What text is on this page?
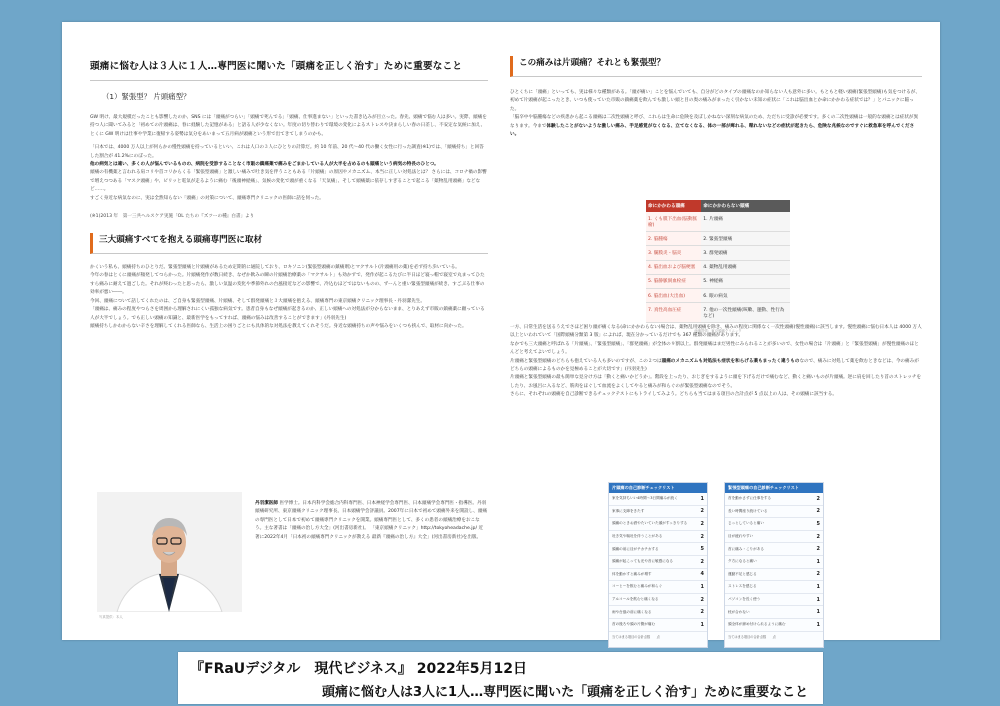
頭痛に悩む人は３人に１人…専門医に聞いた「頭痛を正しく治す」ために重要なこと
（1）緊張型？ 片頭痛型？

GW 明け、最大規模だったことも影響したのか、SNS には「頭痛がつらい」「頭痛で死んでる」「頭痛、仕事進まない」といった書き込みが目立った。春先、頭痛で悩む人は多い。実際、頭痛を持つ人に聞いてみると「初めての片頭痛は、春に経験した記憶がある」と語る人が少なくない。年度の切り替わりで環境の変化によるストレスや決まらしい春の日差し、不安定な気候に加え、とくに GW 明けは仕事や学業に復帰する姿勢は気分をあいまって五月病が頭痛という形で出てきてしまうのかも。

「日本では、4000 万人以上が何らかの慢性頭痛を持っているといい、これは人口の３人にひとりの計算だ。約 10 年前、20 代〜40 代の働く女性に行った調査(※1)では、「頭痛持ち」と回答した割合が 41.2%にのぼった。

他の病気とは違い、多くの人が悩んでいるものの、病院を受診することなく市販の鎮痛薬で痛みをごまかしている人が大半を占めるのも頭痛という病気の特長のひとつ。

頭痛の有機薬と言われる肩コリや首コリからくる「緊張型頭痛」と激しい痛みで吐き気を伴うこともある「片頭痛」の原因やメカニズム、本当に正しい対処法とは？ さらには、コロナ禍の影響で増えつつある「マスク頭痛」や、ピリッと電気が走るように痛む「後頭神経痛」、気候の変化で頭が重くなる「天気痛」、そして頭痛薬に依存しすぎることで起こる「薬物乱用頭痛」などなど……。

すごく身近な病気なのに、実は全然知らない「頭痛」の対策について、頭痛専門クリニックの医師に話を伺った。

(※1)2013 年　第一三共ヘルスケア実施「OL たちの『ズツーの種』白書」より
三大頭痛すべてを抱える頭痛専門医に取材

かくいう私も、頭痛持ちのひとりだ。緊張型頭痛と片頭痛があるため定期的に通院しており、ロキソニン(緊張型頭痛の鎮痛剤)とマクサルト(片頭痛用の薬)を必ず持ち歩いている。

今年の春はとくに頭痛が頻発してつらかった。片頭痛発作が数日続き、なぜか飲みの瞬の片頭痛治療薬の「マクサルト」も効かずで、発作が起こるたびに半日ほど寝っ帽で寝室で丸まってひたすら痛みに耐えて過ごした。それが終わったと思ったら、激しい気温の変化や季節外れの台風接近などの影響で、冷込むほどではないものの、ずーんと重い緊張型頭痛が続き、すごぶる仕事の効率が悪い――。

今回、頭痛について話してくれたのは、ご自身も緊張型頭痛、片頭痛、そして群発頭痛と３大頭痛を抱える、頭痛専門の東京頭痛クリニック理事長・丹羽潔先生。

「頭痛は、痛みの程度やつらさを周囲から理解されにくい孤独な病気です。患者自身もなぜ頭痛が起きるのか、正しい頭痛への対処法が分からないまま、とりあえず市販の鎮痛薬に頼っている人が大半でしょう。でも正しい頭痛の知識と、最新医学をもってすれば、頭痛の悩みは改善することができます」(丹羽先生)

頭痛持ちしかわからない辛さを理解してくれる医師なら、生活上の困りごとにも具体的な対処法を教えてくれそうだ。身近な頭痛持ちの声や悩みをいくつも挟んで、取材に向かった。

丹羽潔医師 医学博士。日本内科学会総合内科専門医、日本神経学会専門医、日本頭痛学会専門医・指導医。丹羽頭痛研究所、東京頭痛クリニック理事長、日本頭痛学会評議員。2007年に日本で初めて頭痛外来を開設し、頭痛の専門医として日本で初めて頭痛専門クリニックを開業。頭痛専門医として、多くの患者の頭痛治療をおこなう。主な著書は「頭痛の治し方大全」(河出書房新社)。 「東京頭痛クリニック」http://tokyoheadache.jp/ 近著に2022年4月「日本初の頭痛専門クリニックが教える 最新『頭痛の治し方』大全」(河出書房新社)を出版。
写真提供：本人
この痛みは片頭痛？それとも緊張型？

ひとくちに「頭痛」といっても、実は様々な種類がある。「頭が痛い」ことを悩んでいても、自分がどのタイプの頭痛なのか知らない人も意外に多い。もともと軽い頭痛(緊張型頭痛)も気をつけるが、初めて片頭痛が起こったとき、いつも使っていた市販の鎮痛薬を飲んでも激しい頭と目の奥の痛みがまったく引かない未知の症状に「これは脳出血とか命にかかわる症状では？」とパニックに陥った。

「脳卒中や脳腫瘍などの疾患から起こる頭痛は二次性頭痛と呼び、これらは生命に危険を及ぼしかねない深刻な病気のため、ただちに受診が必要です。多くの二次性頭痛は一般的な頭痛とは症状が異なります。今まで体験したことがないような激しい痛み、手足感覚がなくなる、立てなくなる、体の一部が痺れる、喋れないなどの症状が起きたら、危険な兆候なのですぐに救急車を呼んでください。

命にかかわる頭痛	命にかかわらない頭痛
1. くも膜下出血(脳動脈瘤)	1. 片頭痛
2. 脳腫瘍	2. 緊張型頭痛
3. 髄膜炎・脳炎	3. 群発頭痛
4. 脳出血および脳梗塞	4. 薬物乱用頭痛
5. 脳静脈洞血栓症	5. 神経痛
6. 脳出血(大出血)	6. 眼の病気
7. 真性高血圧症	7. 他の一次性頭痛(咳嗽、運動、性行為など)
画像提供：東京頭痛クリニック

一方、日常生活を送るうえでさほど困り頭が痛くなる(命にかかわらない)場合は、薬物乱用頭痛を除き、痛みの程度に関係なく一次性頭痛(慢性頭痛)に該当します。慢性頭痛に悩む日本人は 4000 万人以上といわれていて「国際頭痛分類第 3 版」によれば、現在分かっているだけでも 367 種類の頭痛があります。

なかでも三大頭痛と呼ばれる「片頭痛」、「緊張型頭痛」、「群発頭痛」が全体の９割以上。群発頭痛はまだ男性にみられることが多いので、女性の場合は「片頭痛」と「緊張型頭痛」が慢性頭痛のほとんどと考えてよいでしょう。

片頭痛と緊張型頭痛のどちらも抱えている人も多いのですが、この２つは頭痛のメカニズムも対処法も症状を和らげる薬もまったく違うものなので、痛みに対処して薬を飲むときなどは、今の痛みがどちらの頭痛によるものかを見極めることが大切です」(丹羽先生)

片頭痛と緊張型頭痛の最も簡単な見分け方は「動くと痛いかどうか」。階段を上ったり、おじぎをするように頭を下げるだけで痛むなど、動くと痛いものが片頭痛。逆に肩を回したり首のストレッチをしたり、お風呂に入るなど、筋肉をほぐして血流をよくしてやると痛みが和らぐのが緊張型頭痛なのでそう。

さらに、それぞれの頭痛を自己診断できるチェックテストにもトライしてみよう。どちらも当てはまる項目の合計点が 5 点以上の人は、その頭痛に該当する。

片頭痛の自己診断チェックリスト
家を気持ちいい4時間〜3日間痛みが続く	1
家事に支障をきたす	2
頭痛のときお酒やたいていた頭がすっきりする	2
吐き気や嘔吐を伴うことがある	2
頭痛の前に目がチカチカする	5
頭痛が起こっても光や音に敏感になる	2
体を動かすと痛みが増す	4
コーヒーを飲むと痛みが和らぐ	1
アルコールを飲むと痛くなる	2
雨や台風の前に痛くなる	2
首の後ろや頭の片側が痛む	1
当てはまる項目の合計点数　　点
緊張型頭痛の自己診断チェックリスト
首を動かさずに仕事をする	2
長い時間座り続けている	2
じっとしていると痛い	5
目が疲れやすい	2
首に痛み・こりがある	2
夕方になると痛い	1
運動不足と感じる	2
ストレスを感じる	1
パソコンを長く使う	1
枕が合わない	1
頭全体が締め付けられるように痛む	1
当てはまる項目の合計点数　　点
『FRaUデジタル　現代ビジネス』 2022年5月12日
頭痛に悩む人は3人に1人…専門医に聞いた「頭痛を正しく治す」ために重要なこと
